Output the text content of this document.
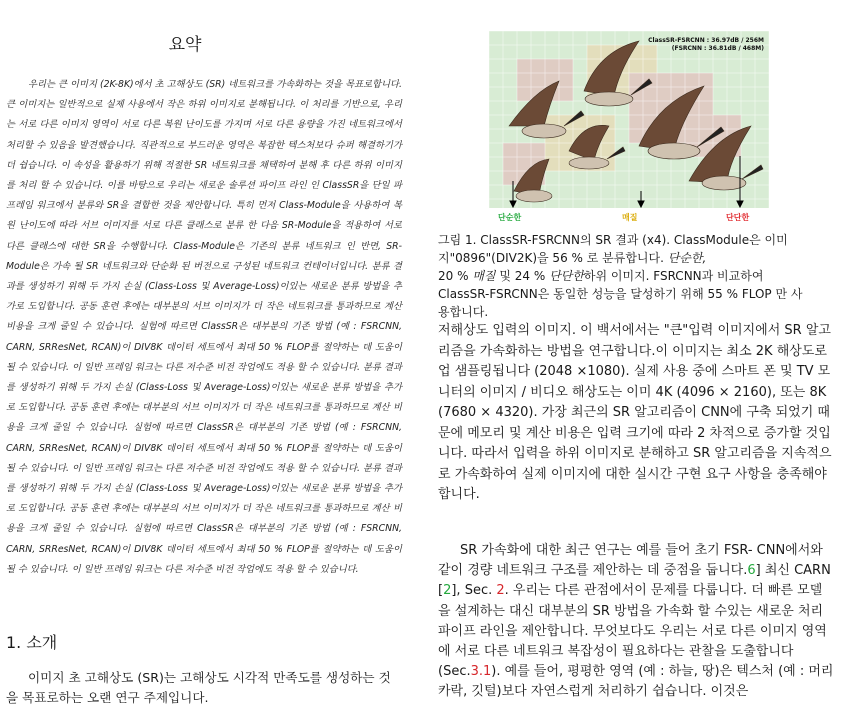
요약

우리는 큰 이미지 (2K-8K)에서 초 고해상도 (SR) 네트워크를 가속화하는 것을 목표로합니다. 큰 이미지는 일반적으로 실제 사용에서 작은 하위 이미지로 분해됩니다. 이 처리를 기반으로, 우리는 서로 다른 이미지 영역이 서로 다른 복원 난이도를 가지며 서로 다른 용량을 가진 네트워크에서 처리할 수 있음을 발견했습니다. 직관적으로 부드러운 영역은 복잡한 텍스처보다 슈퍼 해결하기가 더 쉽습니다. 이 속성을 활용하기 위해 적절한 SR 네트워크를 채택하여 분해 후 다른 하위 이미지를 처리 할 수 있습니다. 이를 바탕으로 우리는 새로운 솔루션 파이프 라인 인 ClassSR을 단일 파 프레임 워크에서 분류와 SR을 결합한 것을 제안합니다. 특히 먼저 Class-Module을 사용하여 복원 난이도에 따라 서브 이미지를 서로 다른 클래스로 분류 한 다음 SR-Module을 적용하여 서로 다른 클래스에 대한 SR을 수행합니다. Class-Module은 기존의 분류 네트워크 인 반면, SR-Module은 가속 될 SR 네트워크와 단순화 된 버전으로 구성된 네트워크 컨테이너입니다. 분류 결과를 생성하기 위해 두 가지 손실 (Class-Loss 및 Average-Loss)이있는 새로운 분류 방법을 추가로 도입합니다. 공동 훈련 후에는 대부분의 서브 이미지가 더 작은 네트워크를 통과하므로 계산 비용을 크게 줄일 수 있습니다. 실험에 따르면 ClassSR은 대부분의 기존 방법 (예 : FSRCNN, CARN, SRResNet, RCAN)이 DIV8K 데이터 세트에서 최대 50 % FLOP를 절약하는 데 도움이 될 수 있습니다. 이 일반 프레임 워크는 다른 저수준 비전 작업에도 적용 할 수 있습니다. 분류 결과를 생성하기 위해 두 가지 손실 (Class-Loss 및 Average-Loss)이있는 새로운 분류 방법을 추가로 도입합니다. 공동 훈련 후에는 대부분의 서브 이미지가 더 작은 네트워크를 통과하므로 계산 비용을 크게 줄일 수 있습니다. 실험에 따르면 ClassSR은 대부분의 기존 방법 (예 : FSRCNN, CARN, SRResNet, RCAN)이 DIV8K 데이터 세트에서 최대 50 % FLOP를 절약하는 데 도움이 될 수 있습니다. 이 일반 프레임 워크는 다른 저수준 비전 작업에도 적용 할 수 있습니다. 분류 결과를 생성하기 위해 두 가지 손실 (Class-Loss 및 Average-Loss)이있는 새로운 분류 방법을 추가로 도입합니다. 공동 훈련 후에는 대부분의 서브 이미지가 더 작은 네트워크를 통과하므로 계산 비용을 크게 줄일 수 있습니다. 실험에 따르면 ClassSR은 대부분의 기존 방법 (예 : FSRCNN, CARN, SRResNet, RCAN)이 DIV8K 데이터 세트에서 최대 50 % FLOP를 절약하는 데 도움이 될 수 있습니다. 이 일반 프레임 워크는 다른 저수준 비전 작업에도 적용 할 수 있습니다.

1. 소개

이미지 초 고해상도 (SR)는 고해상도 시각적 만족도를 생성하는 것을 목표로하는 오랜 연구 주제입니다.

ClassSR-FSRCNN : 36.97dB / 256M
(FSRCNN : 36.81dB / 468M)
단순한	매질	단단한
그림 1. ClassSR-FSRCNN의 SR 결과 (x4). ClassModule은 이미지"0896"(DIV2K)을 56 % 로 분류합니다. 단순한,
20 % 매질 및 24 % 단단한하위 이미지. FSRCNN과 비교하여 ClassSR-FSRCNN은 동일한 성능을 달성하기 위해 55 % FLOP 만 사용합니다.
저해상도 입력의 이미지. 이 백서에서는 "큰"입력 이미지에서 SR 알고리즘을 가속화하는 방법을 연구합니다.이 이미지는 최소 2K 해상도로 업 샘플링됩니다 (2048 ×1080). 실제 사용 중에 스마트 폰 및 TV 모니터의 이미지 / 비디오 해상도는 이미 4K (4096 × 2160), 또는 8K (7680 × 4320). 가장 최근의 SR 알고리즘이 CNN에 구축 되었기 때문에 메모리 및 계산 비용은 입력 크기에 따라 2 차적으로 증가할 것입니다. 따라서 입력을 하위 이미지로 분해하고 SR 알고리즘을 지속적으로 가속화하여 실제 이미지에 대한 실시간 구현 요구 사항을 충족해야합니다.
SR 가속화에 대한 최근 연구는 예를 들어 초기 FSR- CNN에서와 같이 경량 네트워크 구조를 제안하는 데 중점을 둡니다.6] 최신 CARN [2], Sec. 2. 우리는 다른 관점에서이 문제를 다룹니다. 더 빠른 모델을 설계하는 대신 대부분의 SR 방법을 가속화 할 수있는 새로운 처리 파이프 라인을 제안합니다. 무엇보다도 우리는 서로 다른 이미지 영역에 서로 다른 네트워크 복잡성이 필요하다는 관찰을 도출합니다 (Sec.3.1). 예를 들어, 평평한 영역 (예 : 하늘, 땅)은 텍스처 (예 : 머리카락, 깃털)보다 자연스럽게 처리하기 쉽습니다. 이것은
